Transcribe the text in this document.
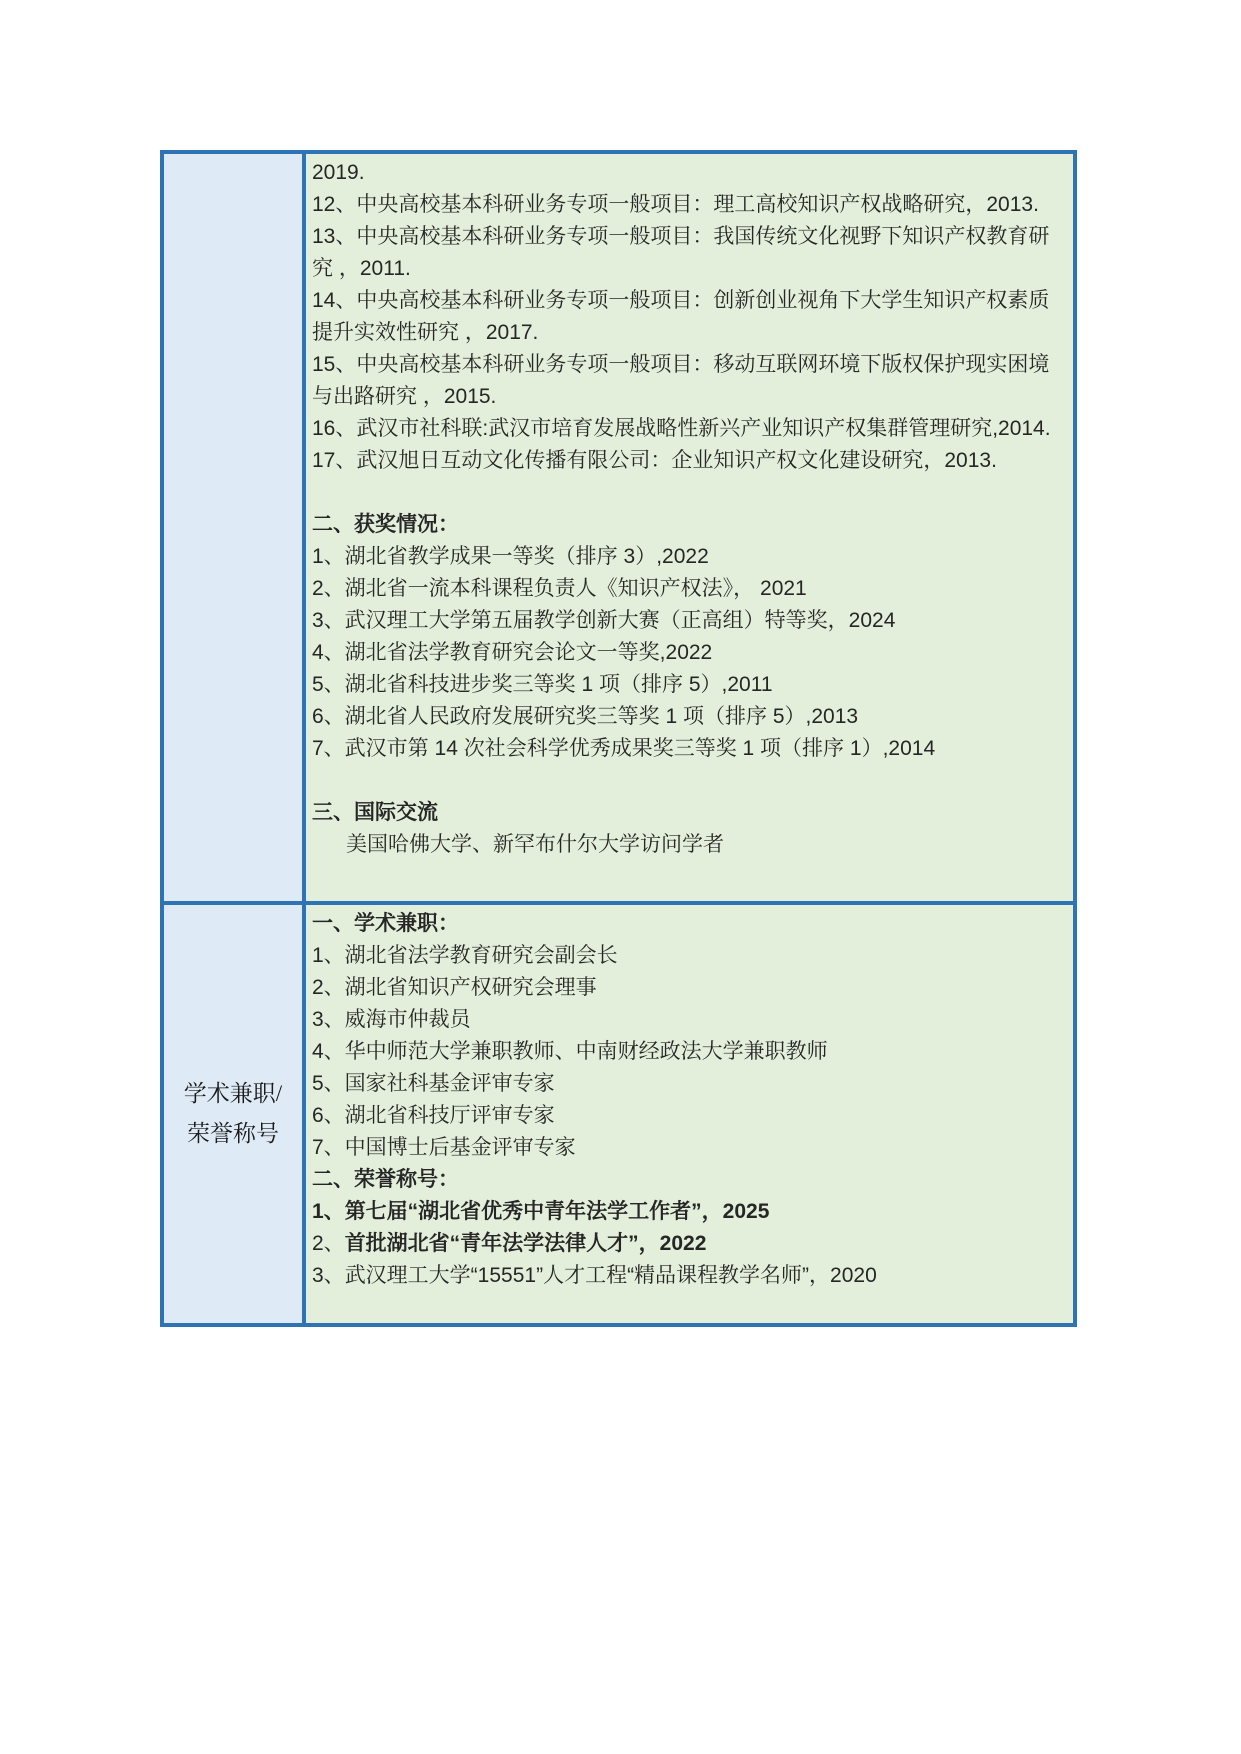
2019.
12、中央高校基本科研业务专项一般项目：理工高校知识产权战略研究，2013.
13、中央高校基本科研业务专项一般项目：我国传统文化视野下知识产权教育研究 ，2011.
14、中央高校基本科研业务专项一般项目：创新创业视角下大学生知识产权素质提升实效性研究 ，2017.
15、中央高校基本科研业务专项一般项目：移动互联网环境下版权保护现实困境与出路研究 ，2015.
16、武汉市社科联:武汉市培育发展战略性新兴产业知识产权集群管理研究,2014.
17、武汉旭日互动文化传播有限公司：企业知识产权文化建设研究，2013.
二、获奖情况：
1、湖北省教学成果一等奖（排序 3）,2022
2、湖北省一流本科课程负责人《知识产权法》， 2021
3、武汉理工大学第五届教学创新大赛（正高组）特等奖，2024
4、湖北省法学教育研究会论文一等奖,2022
5、湖北省科技进步奖三等奖 1 项（排序 5）,2011
6、湖北省人民政府发展研究奖三等奖 1 项（排序 5）,2013
7、武汉市第 14 次社会科学优秀成果奖三等奖 1 项（排序 1）,2014
三、国际交流
美国哈佛大学、新罕布什尔大学访问学者
学术兼职/
荣誉称号
一、学术兼职：
1、湖北省法学教育研究会副会长
2、湖北省知识产权研究会理事
3、威海市仲裁员
4、华中师范大学兼职教师、中南财经政法大学兼职教师
5、国家社科基金评审专家
6、湖北省科技厅评审专家
7、中国博士后基金评审专家
二、荣誉称号：
1、第七届“湖北省优秀中青年法学工作者”，2025
2、首批湖北省“青年法学法律人才”，2022
3、武汉理工大学“15551”人才工程“精品课程教学名师”，2020
